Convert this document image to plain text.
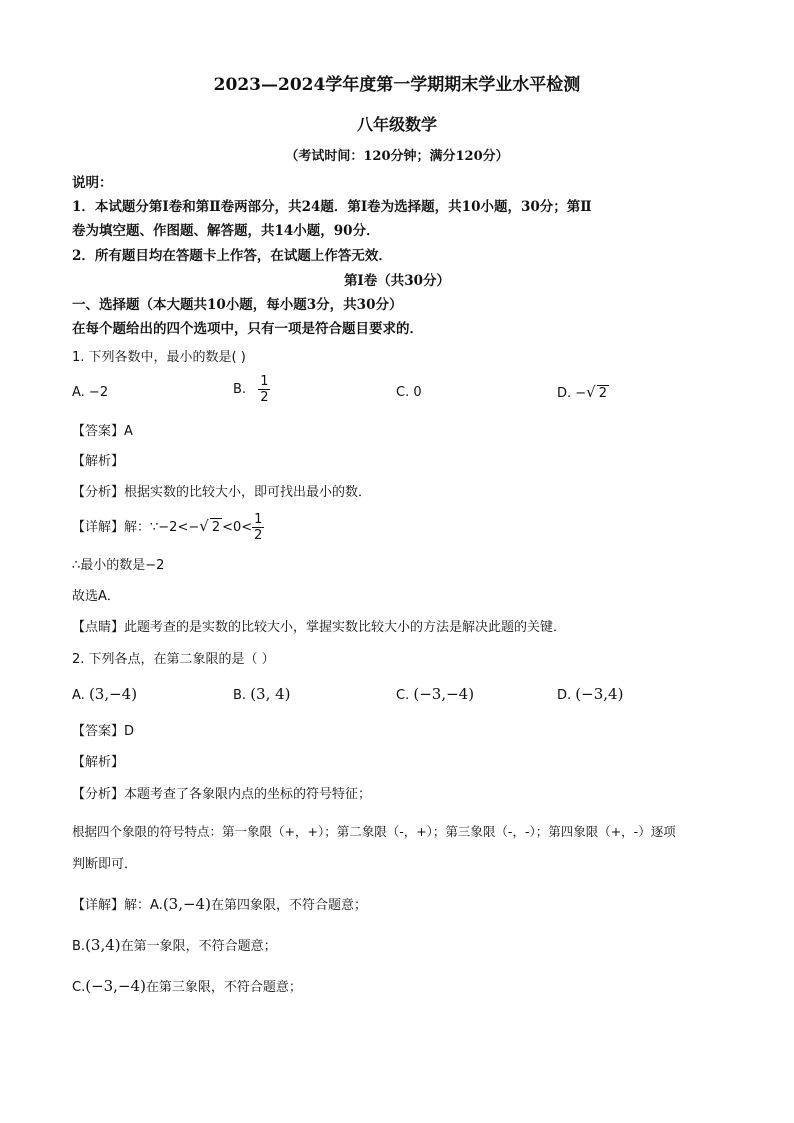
2023—2024学年度第一学期期末学业水平检测
八年级数学
（考试时间：120分钟；满分120分）
说明：
1．本试题分第Ⅰ卷和第Ⅱ卷两部分，共24题．第Ⅰ卷为选择题，共10小题，30分；第Ⅱ
卷为填空题、作图题、解答题，共14小题，90分．
2．所有题目均在答题卡上作答，在试题上作答无效．
第Ⅰ卷（共30分）
一、选择题（本大题共10小题，每小题3分，共30分）
在每个题给出的四个选项中，只有一项是符合题目要求的．
1. 下列各数中，最小的数是( )
A. −2	B. $\frac{1}{2}$	C. 0	D. −√ 2
【答案】A
【解析】
【分析】根据实数的比较大小，即可找出最小的数．
【详解】解：∵−2<−√ $2 <0< \frac{1}{2}$
∴最小的数是−2
故选A．
【点睛】此题考查的是实数的比较大小，掌握实数比较大小的方法是解决此题的关键．
2. 下列各点，在第二象限的是（ ）
A. (3,−4)	B. (3, 4)	C. (−3,−4)	D. (−3,4)
【答案】D
【解析】
【分析】本题考查了各象限内点的坐标的符号特征；
根据四个象限的符号特点：第一象限（+，+）；第二象限（-，+）；第三象限（-，-）；第四象限（+，-）逐项
判断即可．
【详解】解：A.(3,−4)在第四象限，不符合题意；
B.(3,4)在第一象限，不符合题意；
C.(−3,−4)在第三象限，不符合题意；
